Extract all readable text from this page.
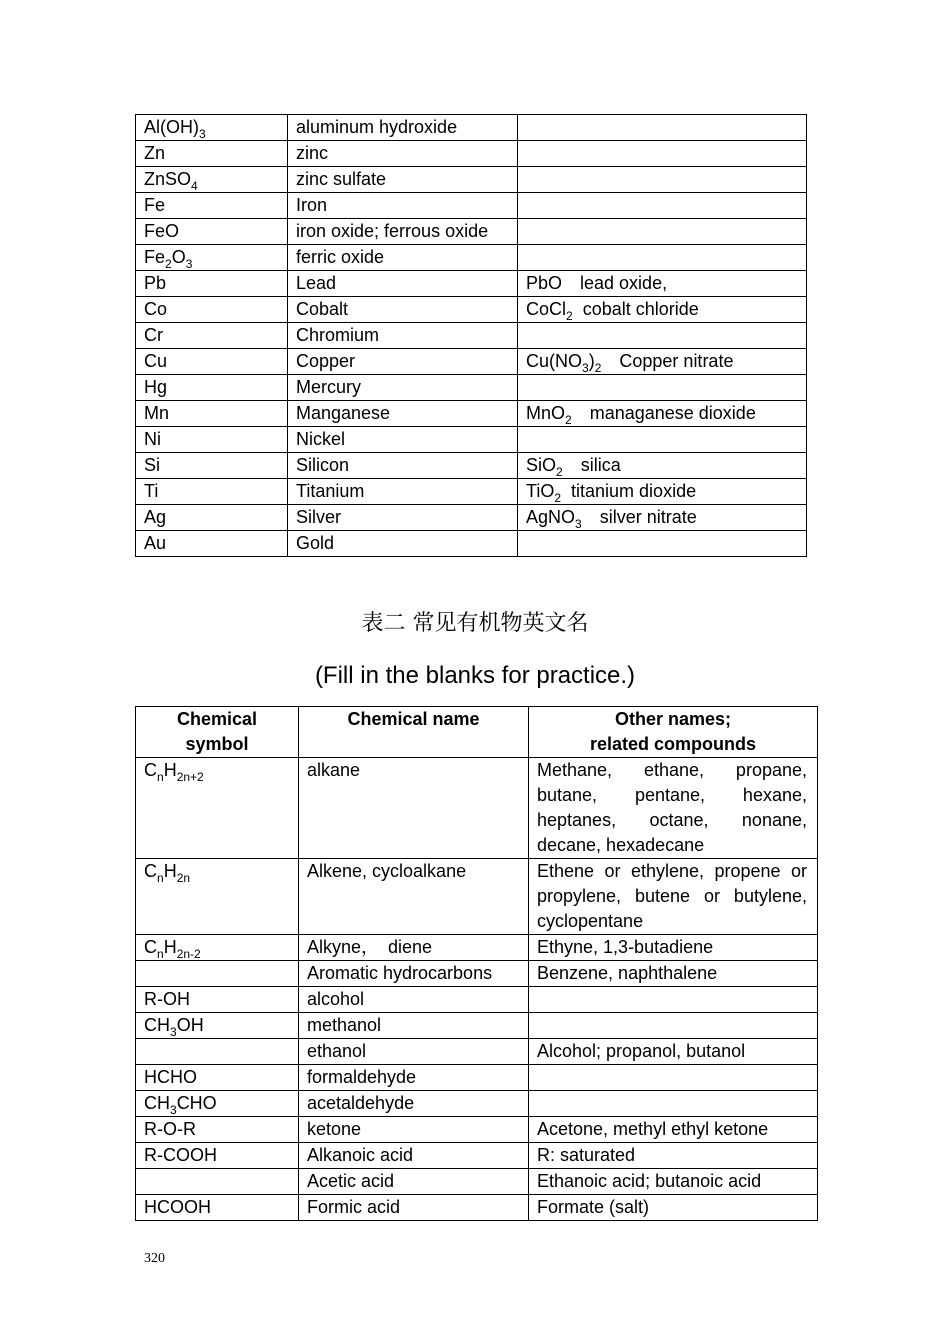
$Al(OH)_3$	aluminum hydroxide	
Zn	zinc	
ZnSO$_4$	zinc sulfate	
Fe	Iron	
FeO	iron oxide; ferrous oxide	
$Fe_2O_3$	ferric oxide	
Pb	Lead	PbO　lead oxide,
Co	Cobalt	CoCl$_2$  cobalt chloride
Cr	Chromium	
Cu	Copper	$Cu(NO_3)_2$　Copper nitrate
Hg	Mercury	
Mn	Manganese	MnO$_2$　managanese dioxide
Ni	Nickel	
Si	Silicon	SiO$_2$　silica
Ti	Titanium	TiO$_2$  titanium dioxide
Ag	Silver	AgNO$_3$　silver nitrate
Au	Gold	
表二 常见有机物英文名
(Fill in the blanks for practice.)
Chemical
symbol	Chemical name	Other names;
related compounds
$C_nH_{2n+2}$	alkane	Methane, ethane, propane, butane, pentane, hexane, heptanes, octane, nonane, decane, hexadecane
$C_nH_{2n}$	Alkene, cycloalkane	Ethene or ethylene, propene or propylene, butene or butylene, cyclopentane
$C_nH_{2n-2}$	Alkyne，　diene	Ethyne, 1,3-butadiene
	Aromatic hydrocarbons	Benzene, naphthalene
R-OH	alcohol	
$CH_3OH$	methanol	
	ethanol	Alcohol; propanol, butanol
HCHO	formaldehyde	
$CH_3CHO$	acetaldehyde	
R-O-R	ketone	Acetone, methyl ethyl ketone
R-COOH	Alkanoic acid	R: saturated
	Acetic acid	Ethanoic acid; butanoic acid
HCOOH	Formic acid	Formate (salt)
320
